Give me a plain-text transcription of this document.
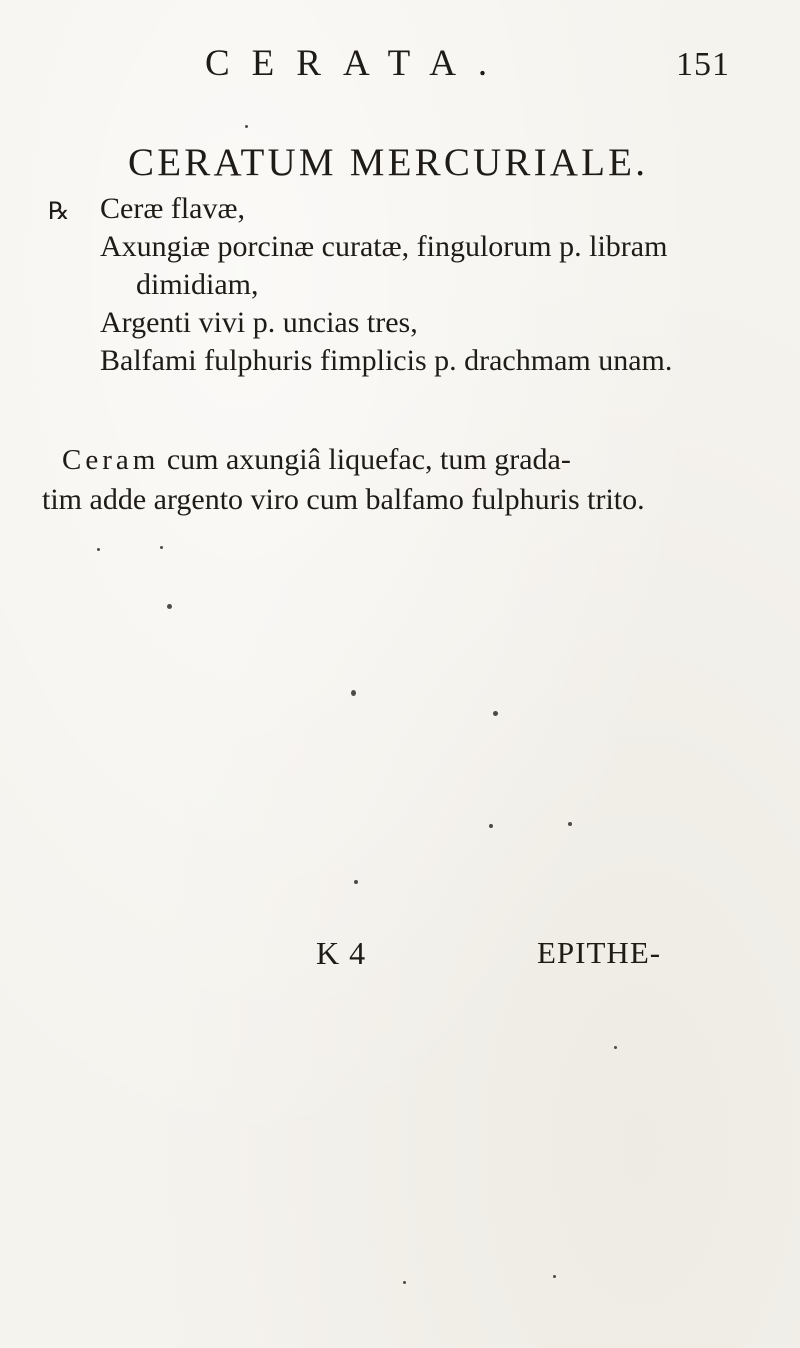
CERATA.	151
CERATUM MERCURIALE.
℞ Ceræ flavæ,
Axungiæ porcinæ curatæ, fingulorum p. libram
dimidiam,
Argenti vivi p. uncias tres,
Balfami fulphuris fimplicis p. drachmam unam.
Ceram cum axungiâ liquefac, tum grada-
tim adde argento viro cum balfamo fulphuris trito.
K 4	EPITHE-
